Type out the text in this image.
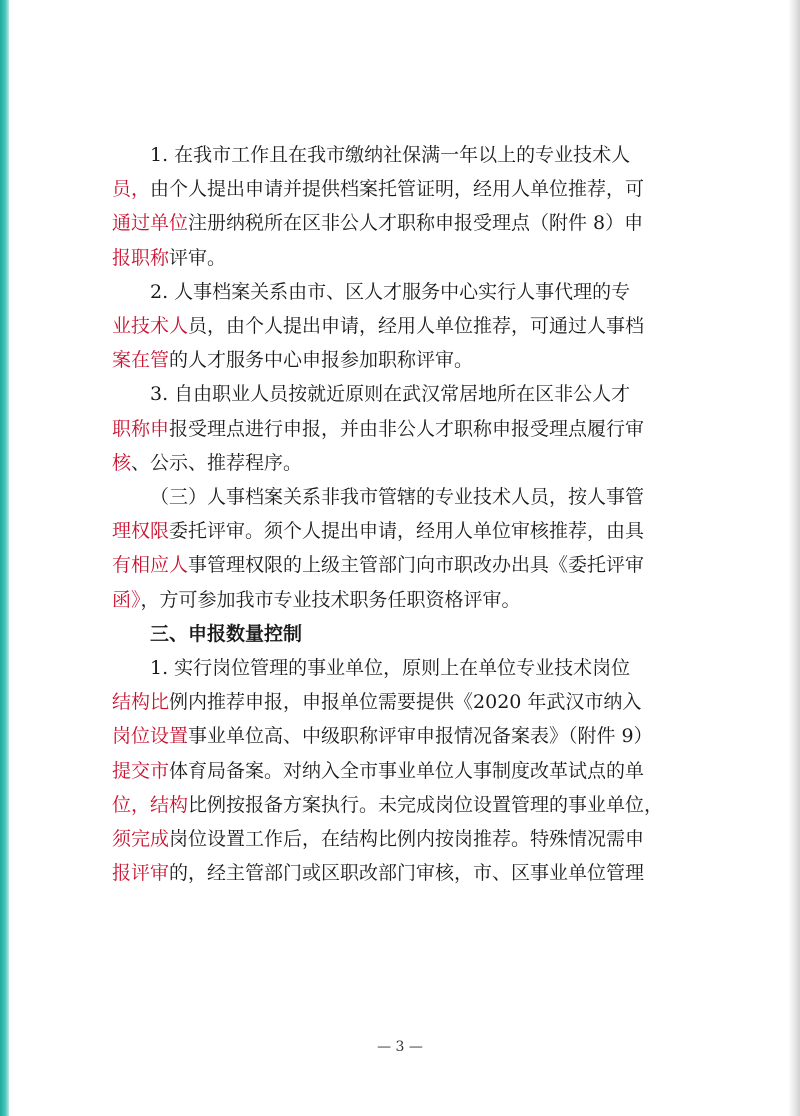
1. 在我市工作且在我市缴纳社保满一年以上的专业技术人
员，由个人提出申请并提供档案托管证明，经用人单位推荐，可
通过单位注册纳税所在区非公人才职称申报受理点（附件 8）申
报职称评审。
2. 人事档案关系由市、区人才服务中心实行人事代理的专
业技术人员，由个人提出申请，经用人单位推荐，可通过人事档
案在管的人才服务中心申报参加职称评审。
3. 自由职业人员按就近原则在武汉常居地所在区非公人才
职称申报受理点进行申报，并由非公人才职称申报受理点履行审
核、公示、推荐程序。
（三）人事档案关系非我市管辖的专业技术人员，按人事管
理权限委托评审。须个人提出申请，经用人单位审核推荐，由具
有相应人事管理权限的上级主管部门向市职改办出具《委托评审
函》，方可参加我市专业技术职务任职资格评审。
三、申报数量控制
1. 实行岗位管理的事业单位，原则上在单位专业技术岗位
结构比例内推荐申报，申报单位需要提供《2020 年武汉市纳入
岗位设置事业单位高、中级职称评审申报情况备案表》（附件 9）
提交市体育局备案。对纳入全市事业单位人事制度改革试点的单
位，结构比例按报备方案执行。未完成岗位设置管理的事业单位，
须完成岗位设置工作后，在结构比例内按岗推荐。特殊情况需申
报评审的，经主管部门或区职改部门审核，市、区事业单位管理
— 3 —
